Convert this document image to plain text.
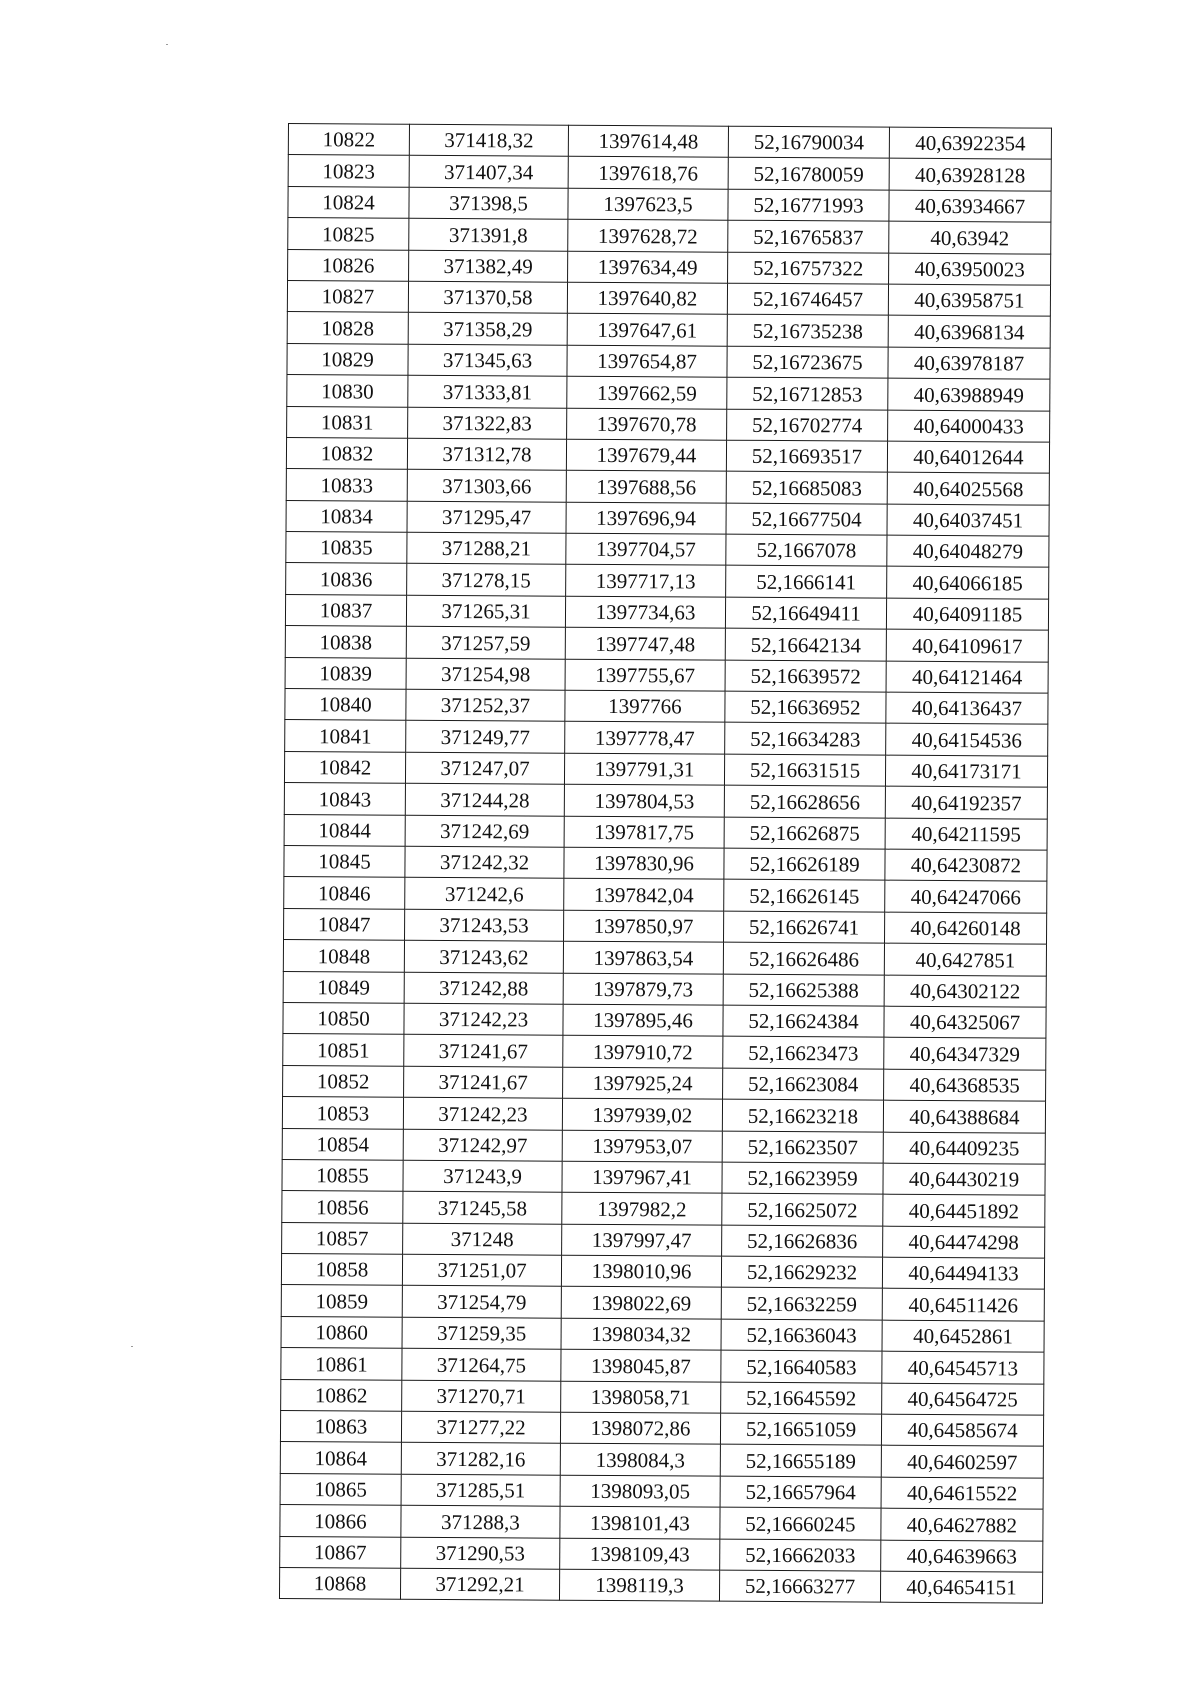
10822	371418,32	1397614,48	52,16790034	40,63922354
10823	371407,34	1397618,76	52,16780059	40,63928128
10824	371398,5	1397623,5	52,16771993	40,63934667
10825	371391,8	1397628,72	52,16765837	40,63942
10826	371382,49	1397634,49	52,16757322	40,63950023
10827	371370,58	1397640,82	52,16746457	40,63958751
10828	371358,29	1397647,61	52,16735238	40,63968134
10829	371345,63	1397654,87	52,16723675	40,63978187
10830	371333,81	1397662,59	52,16712853	40,63988949
10831	371322,83	1397670,78	52,16702774	40,64000433
10832	371312,78	1397679,44	52,16693517	40,64012644
10833	371303,66	1397688,56	52,16685083	40,64025568
10834	371295,47	1397696,94	52,16677504	40,64037451
10835	371288,21	1397704,57	52,1667078	40,64048279
10836	371278,15	1397717,13	52,1666141	40,64066185
10837	371265,31	1397734,63	52,16649411	40,64091185
10838	371257,59	1397747,48	52,16642134	40,64109617
10839	371254,98	1397755,67	52,16639572	40,64121464
10840	371252,37	1397766	52,16636952	40,64136437
10841	371249,77	1397778,47	52,16634283	40,64154536
10842	371247,07	1397791,31	52,16631515	40,64173171
10843	371244,28	1397804,53	52,16628656	40,64192357
10844	371242,69	1397817,75	52,16626875	40,64211595
10845	371242,32	1397830,96	52,16626189	40,64230872
10846	371242,6	1397842,04	52,16626145	40,64247066
10847	371243,53	1397850,97	52,16626741	40,64260148
10848	371243,62	1397863,54	52,16626486	40,6427851
10849	371242,88	1397879,73	52,16625388	40,64302122
10850	371242,23	1397895,46	52,16624384	40,64325067
10851	371241,67	1397910,72	52,16623473	40,64347329
10852	371241,67	1397925,24	52,16623084	40,64368535
10853	371242,23	1397939,02	52,16623218	40,64388684
10854	371242,97	1397953,07	52,16623507	40,64409235
10855	371243,9	1397967,41	52,16623959	40,64430219
10856	371245,58	1397982,2	52,16625072	40,64451892
10857	371248	1397997,47	52,16626836	40,64474298
10858	371251,07	1398010,96	52,16629232	40,64494133
10859	371254,79	1398022,69	52,16632259	40,64511426
10860	371259,35	1398034,32	52,16636043	40,6452861
10861	371264,75	1398045,87	52,16640583	40,64545713
10862	371270,71	1398058,71	52,16645592	40,64564725
10863	371277,22	1398072,86	52,16651059	40,64585674
10864	371282,16	1398084,3	52,16655189	40,64602597
10865	371285,51	1398093,05	52,16657964	40,64615522
10866	371288,3	1398101,43	52,16660245	40,64627882
10867	371290,53	1398109,43	52,16662033	40,64639663
10868	371292,21	1398119,3	52,16663277	40,64654151
